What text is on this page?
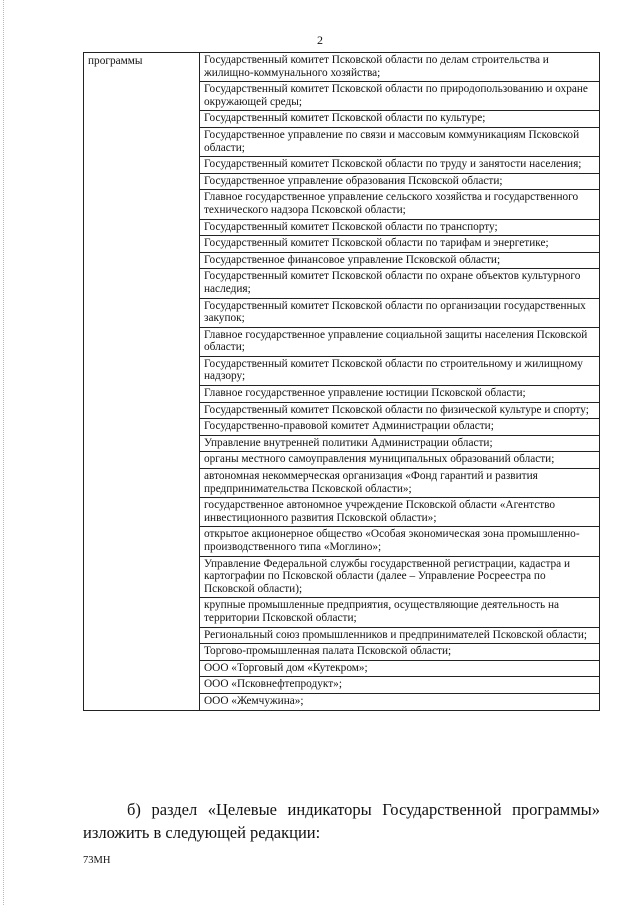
2
программы	Государственный комитет Псковской области по делам строительства и жилищно-коммунального хозяйства;
Государственный комитет Псковской области по природопользованию и охране окружающей среды;
Государственный комитет Псковской области по культуре;
Государственное управление по связи и массовым коммуникациям Псковской области;
Государственный комитет Псковской области по труду и занятости населения;
Государственное управление образования Псковской области;
Главное государственное управление сельского хозяйства и государственного технического надзора Псковской области;
Государственный комитет Псковской области по транспорту;
Государственный комитет Псковской области по тарифам и энергетике;
Государственное финансовое управление Псковской области;
Государственный комитет Псковской области по охране объектов культурного наследия;
Государственный комитет Псковской области по организации государственных закупок;
Главное государственное управление социальной защиты населения Псковской области;
Государственный комитет Псковской области по строительному и жилищному надзору;
Главное государственное управление юстиции Псковской области;
Государственный комитет Псковской области по физической культуре и спорту;
Государственно-правовой комитет Администрации области;
Управление внутренней политики Администрации области;
органы местного самоуправления муниципальных образований области;
автономная некоммерческая организация «Фонд гарантий и развития предпринимательства Псковской области»;
государственное автономное учреждение Псковской области «Агентство инвестиционного развития Псковской области»;
открытое акционерное общество «Особая экономическая зона промышленно-производственного типа «Моглино»;
Управление Федеральной службы государственной регистрации, кадастра и картографии по Псковской области (далее – Управление Росреестра по Псковской области);
крупные промышленные предприятия, осуществляющие деятельность на территории Псковской области;
Региональный союз промышленников и предпринимателей Псковской области;
Торгово-промышленная палата Псковской области;
ООО «Торговый дом «Кутекром»;
ООО «Псковнефтепродукт»;
ООО «Жемчужина»;

б) раздел «Целевые индикаторы Государственной программы» изложить в следующей редакции:

73МН
